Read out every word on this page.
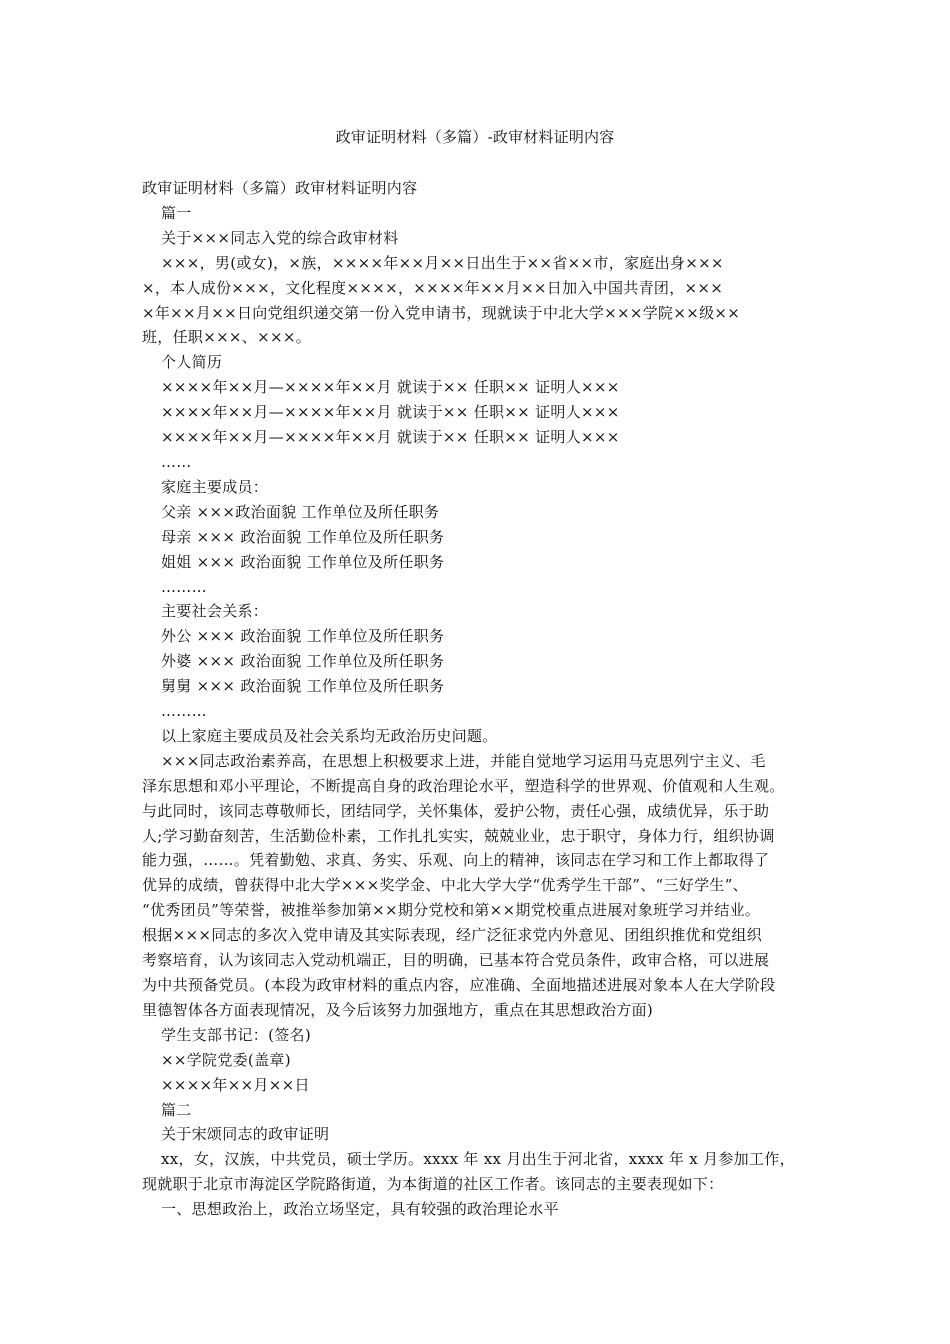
政审证明材料（多篇）-政审材料证明内容

政审证明材料（多篇）政审材料证明内容

篇一

关于×××同志入党的综合政审材料

×××，男(或女)，×族，××××年××月××日出生于××省××市，家庭出身×××

×，本人成份×××，文化程度××××，××××年××月××日加入中国共青团，×××

×年××月××日向党组织递交第一份入党申请书，现就读于中北大学×××学院××级××

班，任职×××、×××。

个人简历

××××年××月—××××年××月 就读于×× 任职×× 证明人×××

××××年××月—××××年××月 就读于×× 任职×× 证明人×××

××××年××月—××××年××月 就读于×× 任职×× 证明人×××

……

家庭主要成员：

父亲 ×××政治面貌 工作单位及所任职务

母亲 ××× 政治面貌 工作单位及所任职务

姐姐 ××× 政治面貌 工作单位及所任职务

………

主要社会关系：

外公 ××× 政治面貌 工作单位及所任职务

外婆 ××× 政治面貌 工作单位及所任职务

舅舅 ××× 政治面貌 工作单位及所任职务

………

以上家庭主要成员及社会关系均无政治历史问题。

×××同志政治素养高，在思想上积极要求上进，并能自觉地学习运用马克思列宁主义、毛

泽东思想和邓小平理论，不断提高自身的政治理论水平，塑造科学的世界观、价值观和人生观。

与此同时，该同志尊敬师长，团结同学，关怀集体，爱护公物，责任心强，成绩优异，乐于助

人;学习勤奋刻苦，生活勤俭朴素，工作扎扎实实，兢兢业业，忠于职守，身体力行，组织协调

能力强，……。凭着勤勉、求真、务实、乐观、向上的精神，该同志在学习和工作上都取得了

优异的成绩，曾获得中北大学×××奖学金、中北大学大学“优秀学生干部”、“三好学生”、

“优秀团员”等荣誉，被推举参加第××期分党校和第××期党校重点进展对象班学习并结业。

根据×××同志的多次入党申请及其实际表现，经广泛征求党内外意见、团组织推优和党组织

考察培育，认为该同志入党动机端正，目的明确，已基本符合党员条件，政审合格，可以进展

为中共预备党员。(本段为政审材料的重点内容，应准确、全面地描述进展对象本人在大学阶段

里德智体各方面表现情况，及今后该努力加强地方，重点在其思想政治方面)

学生支部书记：(签名)

××学院党委(盖章)

××××年××月××日

篇二

关于宋颂同志的政审证明

xx，女，汉族，中共党员，硕士学历。xxxx 年 xx 月出生于河北省，xxxx 年 x 月参加工作，

现就职于北京市海淀区学院路街道，为本街道的社区工作者。该同志的主要表现如下：

一、思想政治上，政治立场坚定，具有较强的政治理论水平
